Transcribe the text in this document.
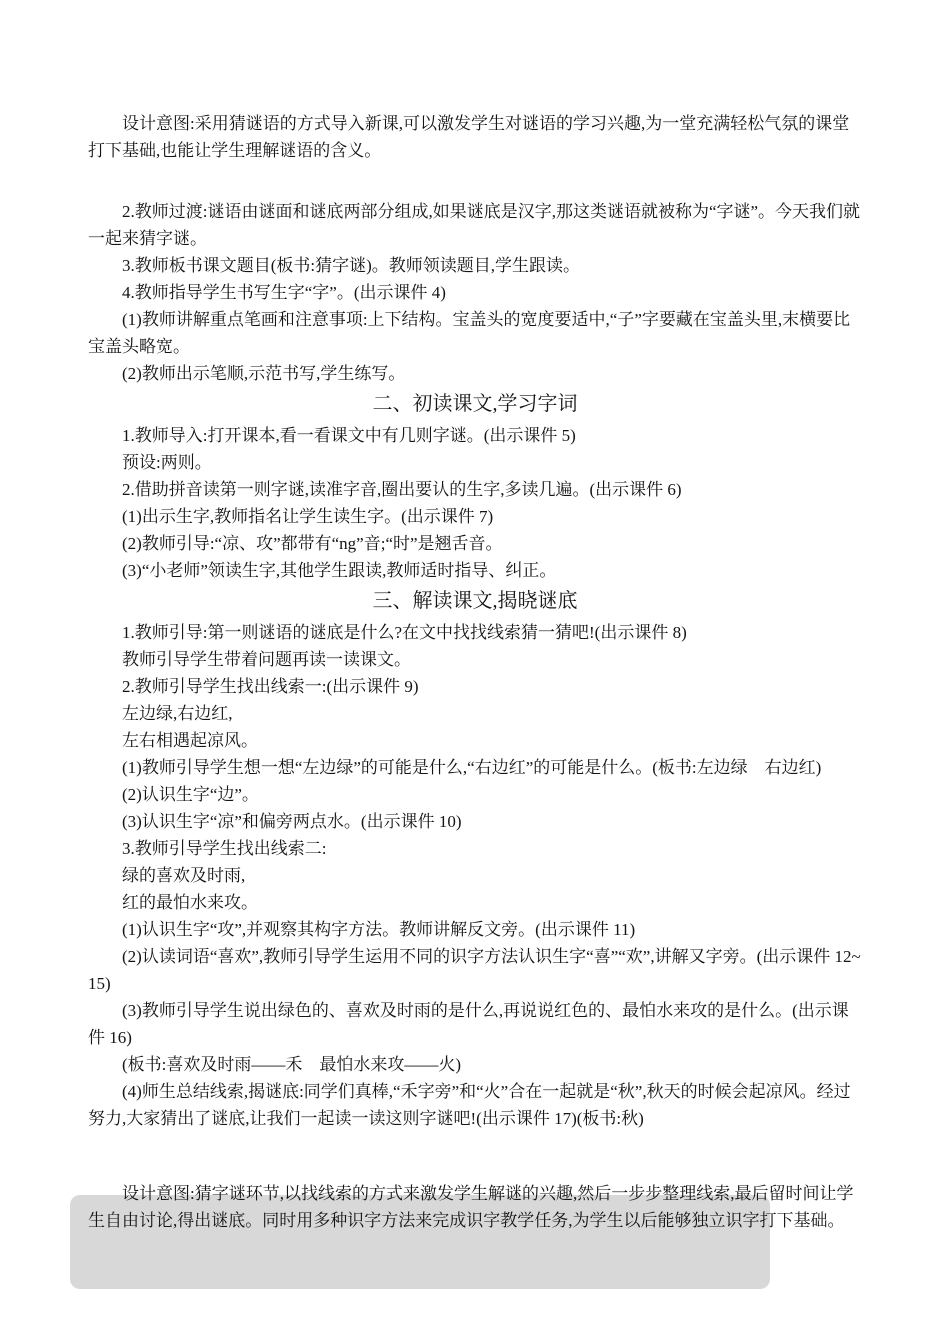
设计意图:采用猜谜语的方式导入新课,可以激发学生对谜语的学习兴趣,为一堂充满轻松气氛的课堂打下基础,也能让学生理解谜语的含义。

2.教师过渡:谜语由谜面和谜底两部分组成,如果谜底是汉字,那这类谜语就被称为“字谜”。今天我们就一起来猜字谜。

3.教师板书课文题目(板书:猜字谜)。教师领读题目,学生跟读。

4.教师指导学生书写生字“字”。(出示课件 4)

(1)教师讲解重点笔画和注意事项:上下结构。宝盖头的宽度要适中,“子”字要藏在宝盖头里,末横要比宝盖头略宽。

(2)教师出示笔顺,示范书写,学生练写。

二、初读课文,学习字词

1.教师导入:打开课本,看一看课文中有几则字谜。(出示课件 5)

预设:两则。

2.借助拼音读第一则字谜,读准字音,圈出要认的生字,多读几遍。(出示课件 6)

(1)出示生字,教师指名让学生读生字。(出示课件 7)

(2)教师引导:“凉、攻”都带有“ng”音;“时”是翘舌音。

(3)“小老师”领读生字,其他学生跟读,教师适时指导、纠正。

三、解读课文,揭晓谜底

1.教师引导:第一则谜语的谜底是什么?在文中找找线索猜一猜吧!(出示课件 8)

教师引导学生带着问题再读一读课文。

2.教师引导学生找出线索一:(出示课件 9)

左边绿,右边红,

左右相遇起凉风。

(1)教师引导学生想一想“左边绿”的可能是什么,“右边红”的可能是什么。(板书:左边绿　右边红)

(2)认识生字“边”。

(3)认识生字“凉”和偏旁两点水。(出示课件 10)

3.教师引导学生找出线索二:

绿的喜欢及时雨,

红的最怕水来攻。

(1)认识生字“攻”,并观察其构字方法。教师讲解反文旁。(出示课件 11)

(2)认读词语“喜欢”,教师引导学生运用不同的识字方法认识生字“喜”“欢”,讲解又字旁。(出示课件 12~15)

(3)教师引导学生说出绿色的、喜欢及时雨的是什么,再说说红色的、最怕水来攻的是什么。(出示课件 16)

(板书:喜欢及时雨——禾　最怕水来攻——火)

(4)师生总结线索,揭谜底:同学们真棒,“禾字旁”和“火”合在一起就是“秋”,秋天的时候会起凉风。经过努力,大家猜出了谜底,让我们一起读一读这则字谜吧!(出示课件 17)(板书:秋)

设计意图:猜字谜环节,以找线索的方式来激发学生解谜的兴趣,然后一步步整理线索,最后留时间让学生自由讨论,得出谜底。同时用多种识字方法来完成识字教学任务,为学生以后能够独立识字打下基础。
